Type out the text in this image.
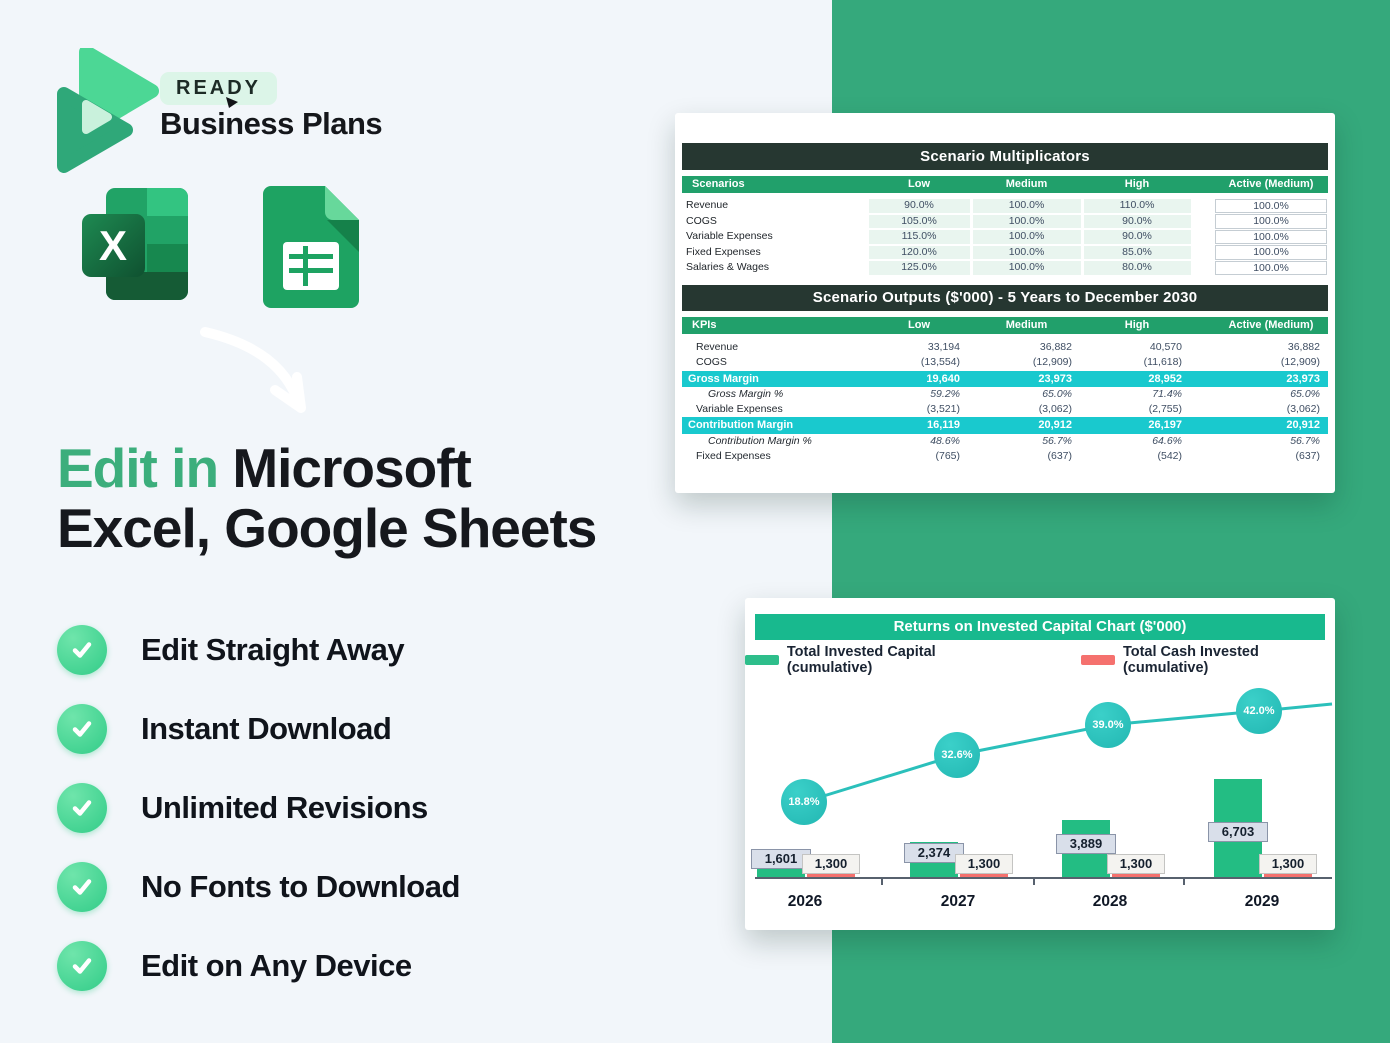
READY
Business Plans
X
Edit in Microsoft
Excel, Google Sheets
Edit Straight Away
Instant Download
Unlimited Revisions
No Fonts to Download
Edit on Any Device
Scenario Multiplicators
Scenarios	Low	Medium	High	Active (Medium)
Revenue	90.0%	100.0%	110.0%	100.0%
COGS	105.0%	100.0%	90.0%	100.0%
Variable Expenses	115.0%	100.0%	90.0%	100.0%
Fixed Expenses	120.0%	100.0%	85.0%	100.0%
Salaries & Wages	125.0%	100.0%	80.0%	100.0%
Scenario Outputs ($'000) - 5 Years to December 2030
KPIs	Low	Medium	High	Active (Medium)
Revenue	33,194	36,882	40,570	36,882
COGS	(13,554)	(12,909)	(11,618)	(12,909)
Gross Margin	19,640	23,973	28,952	23,973
Gross Margin %	59.2%	65.0%	71.4%	65.0%
Variable Expenses	(3,521)	(3,062)	(2,755)	(3,062)
Contribution Margin	16,119	20,912	26,197	20,912
Contribution Margin %	48.6%	56.7%	64.6%	56.7%
Fixed Expenses	(765)	(637)	(542)	(637)
Returns on Invested Capital Chart ($'000)
Total Invested Capital (cumulative)
Total Cash Invested (cumulative)
1,601	2,374
3,889
6,703
1,300	1,300	1,300	1,300
18.8%
32.6%
39.0%
42.0%
2026	2027	2028	2029
